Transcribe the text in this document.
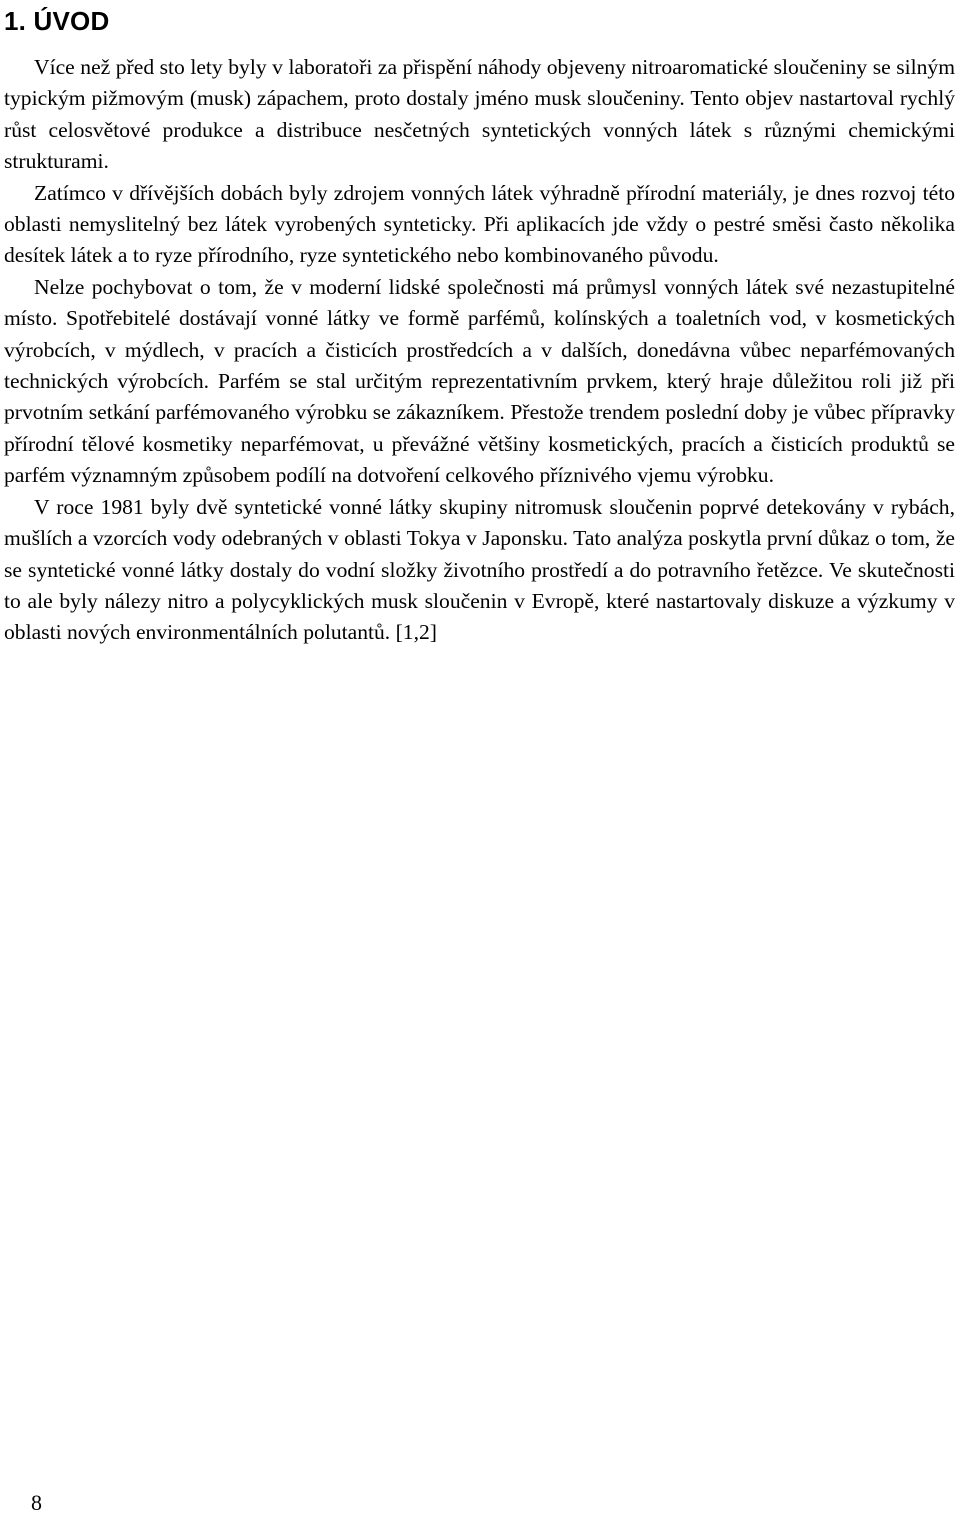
1. ÚVOD

Více než před sto lety byly v laboratoři za přispění náhody objeveny nitroaromatické sloučeniny se silným typickým pižmovým (musk) zápachem, proto dostaly jméno musk sloučeniny. Tento objev nastartoval rychlý růst celosvětové produkce a distribuce nesčetných syntetických vonných látek s různými chemickými strukturami.

Zatímco v dřívějších dobách byly zdrojem vonných látek výhradně přírodní materiály, je dnes rozvoj této oblasti nemyslitelný bez látek vyrobených synteticky. Při aplikacích jde vždy o pestré směsi často několika desítek látek a to ryze přírodního, ryze syntetického nebo kombinovaného původu.

Nelze pochybovat o tom, že v moderní lidské společnosti má průmysl vonných látek své nezastupitelné místo. Spotřebitelé dostávají vonné látky ve formě parfémů, kolínských a toaletních vod, v kosmetických výrobcích, v mýdlech, v pracích a čisticích prostředcích a v dalších, donedávna vůbec neparfémovaných technických výrobcích. Parfém se stal určitým reprezentativním prvkem, který hraje důležitou roli již při prvotním setkání parfémovaného výrobku se zákazníkem. Přestože trendem poslední doby je vůbec přípravky přírodní tělové kosmetiky neparfémovat, u převážné většiny kosmetických, pracích a čisticích produktů se parfém významným způsobem podílí na dotvoření celkového příznivého vjemu výrobku.

V roce 1981 byly dvě syntetické vonné látky skupiny nitromusk sloučenin poprvé detekovány v rybách, mušlích a vzorcích vody odebraných v oblasti Tokya v Japonsku. Tato analýza poskytla první důkaz o tom, že se syntetické vonné látky dostaly do vodní složky životního prostředí a do potravního řetězce. Ve skutečnosti to ale byly nálezy nitro a polycyklických musk sloučenin v Evropě, které nastartovaly diskuze a výzkumy v oblasti nových environmentálních polutantů. [1,2]

8
